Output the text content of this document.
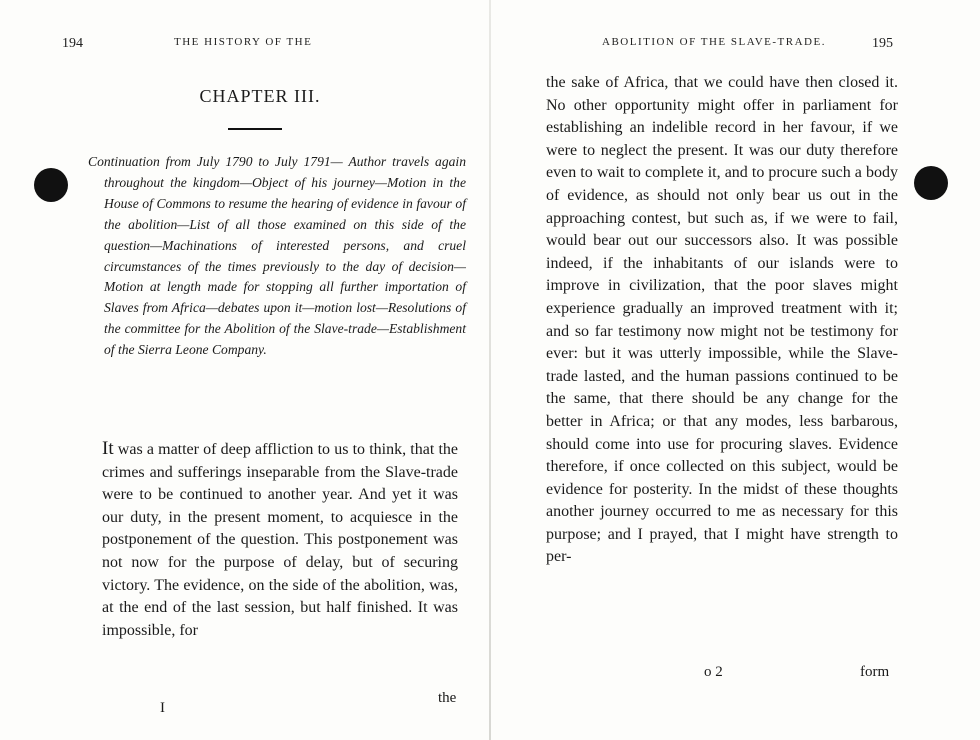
194	THE HISTORY OF THE
CHAPTER III.
Continuation from July 1790 to July 1791— Author travels again throughout the kingdom—Object of his journey—Motion in the House of Commons to resume the hearing of evidence in favour of the abolition—List of all those examined on this side of the question—Machinations of interested persons, and cruel circumstances of the times previously to the day of decision—Motion at length made for stopping all further importation of Slaves from Africa—debates upon it—motion lost—Resolutions of the committee for the Abolition of the Slave-trade—Establishment of the Sierra Leone Company.
It was a matter of deep affliction to us to think, that the crimes and sufferings inseparable from the Slave-trade were to be continued to another year. And yet it was our duty, in the present moment, to acquiesce in the postponement of the question. This postponement was not now for the purpose of delay, but of securing victory. The evidence, on the side of the abolition, was, at the end of the last session, but half finished. It was impossible, for
I
the
ABOLITION OF THE SLAVE-TRADE.	195
the sake of Africa, that we could have then closed it. No other opportunity might offer in parliament for establishing an indelible record in her favour, if we were to neglect the present. It was our duty therefore even to wait to complete it, and to procure such a body of evidence, as should not only bear us out in the approaching contest, but such as, if we were to fail, would bear out our successors also. It was possible indeed, if the inhabitants of our islands were to improve in civilization, that the poor slaves might experience gradually an improved treatment with it; and so far testimony now might not be testimony for ever: but it was utterly impossible, while the Slave-trade lasted, and the human passions continued to be the same, that there should be any change for the better in Africa; or that any modes, less barbarous, should come into use for procuring slaves. Evidence therefore, if once collected on this subject, would be evidence for posterity. In the midst of these thoughts another journey occurred to me as necessary for this purpose; and I prayed, that I might have strength to per-
o 2	form
